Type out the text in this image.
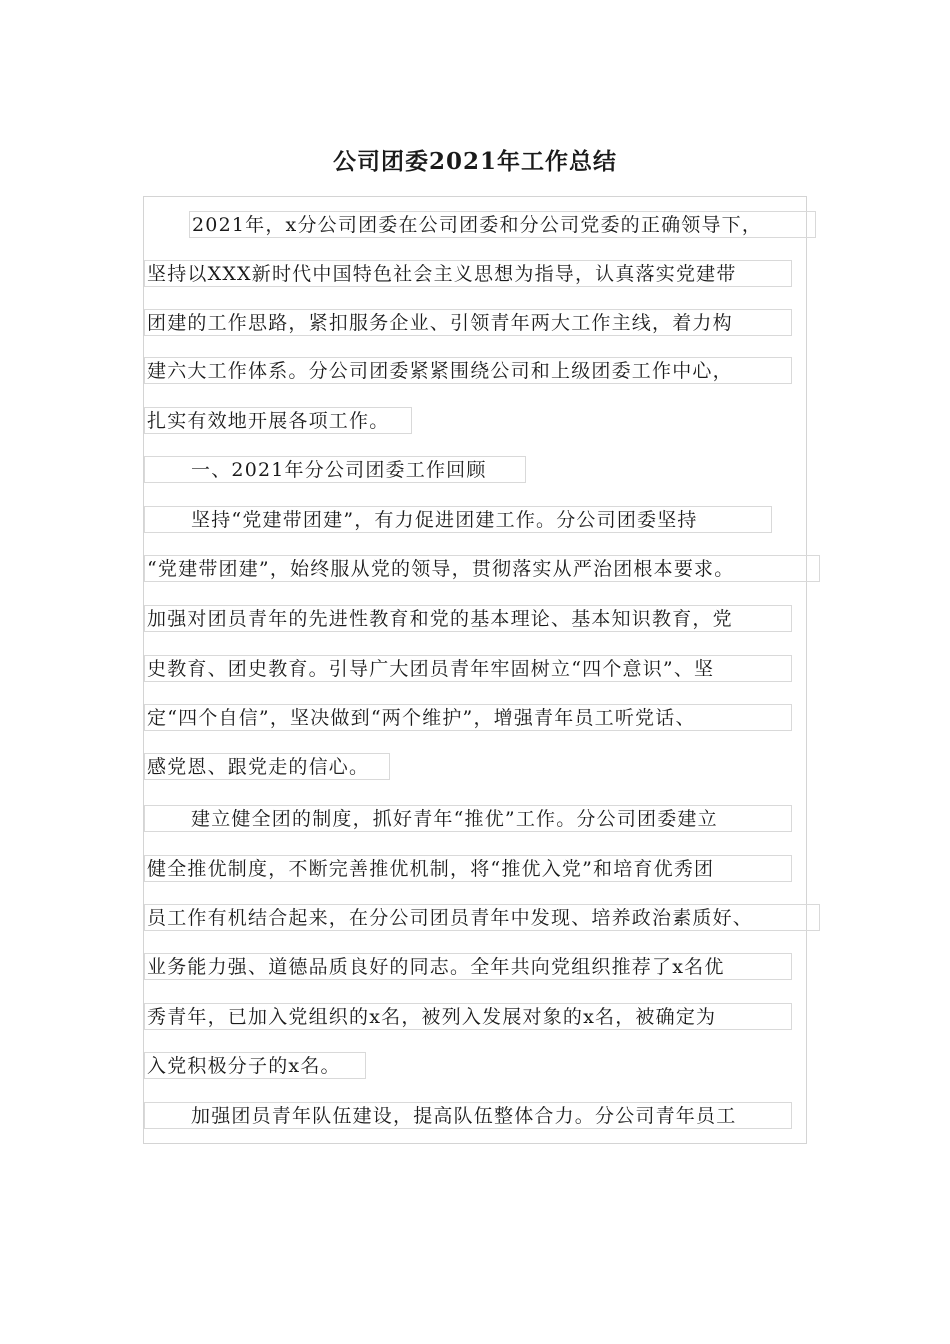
公司团委2021年工作总结
2021年，x分公司团委在公司团委和分公司党委的正确领导下，
坚持以XXX新时代中国特色社会主义思想为指导，认真落实党建带
团建的工作思路，紧扣服务企业、引领青年两大工作主线，着力构
建六大工作体系。分公司团委紧紧围绕公司和上级团委工作中心，
扎实有效地开展各项工作。
一、2021年分公司团委工作回顾
坚持“党建带团建”，有力促进团建工作。分公司团委坚持
“党建带团建”，始终服从党的领导，贯彻落实从严治团根本要求。
加强对团员青年的先进性教育和党的基本理论、基本知识教育，党
史教育、团史教育。引导广大团员青年牢固树立“四个意识”、坚
定“四个自信”，坚决做到“两个维护”，增强青年员工听党话、
感党恩、跟党走的信心。
建立健全团的制度，抓好青年“推优”工作。分公司团委建立
健全推优制度，不断完善推优机制，将“推优入党”和培育优秀团
员工作有机结合起来，在分公司团员青年中发现、培养政治素质好、
业务能力强、道德品质良好的同志。全年共向党组织推荐了x名优
秀青年，已加入党组织的x名，被列入发展对象的x名，被确定为
入党积极分子的x名。
加强团员青年队伍建设，提高队伍整体合力。分公司青年员工
